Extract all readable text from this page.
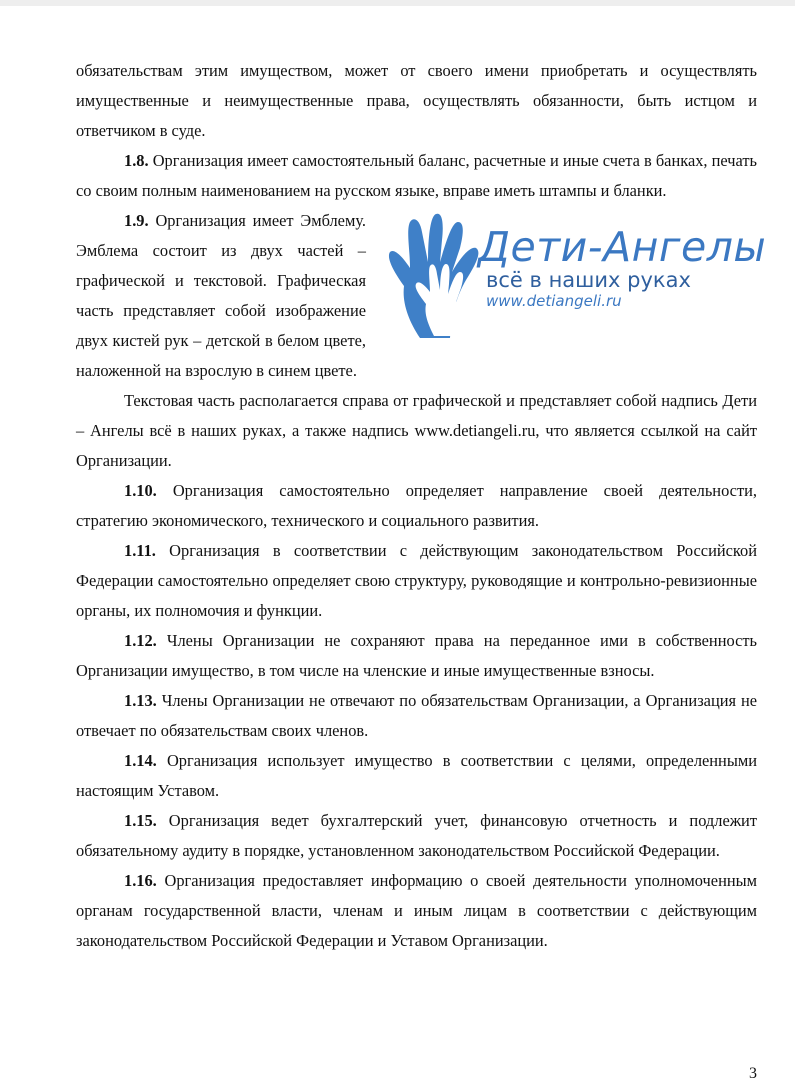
обязательствам этим имуществом, может от своего имени приобретать и осуществлять имущественные и неимущественные права, осуществлять обязанности, быть истцом и ответчиком в суде.

1.8. Организация имеет самостоятельный баланс, расчетные и иные счета в банках, печать со своим полным наименованием на русском языке, вправе иметь штампы и бланки.

Дети-Ангелы
всё в наших руках
www.detiangeli.ru

1.9. Организация имеет Эмблему. Эмблема состоит из двух частей – графической и текстовой. Графическая часть представляет собой изображение двух кистей рук – детской в белом цвете, наложенной на взрослую в синем цвете.

Текстовая часть располагается справа от графической и представляет собой надпись Дети – Ангелы всё в наших руках, а также надпись www.detiangeli.ru, что является ссылкой на сайт Организации.

1.10. Организация самостоятельно определяет направление своей деятельности, стратегию экономического, технического и социального развития.

1.11. Организация в соответствии с действующим законодательством Российской Федерации самостоятельно определяет свою структуру, руководящие и контрольно-ревизионные органы, их полномочия и функции.

1.12. Члены Организации не сохраняют права на переданное ими в собственность Организации имущество, в том числе на членские и иные имущественные взносы.

1.13. Члены Организации не отвечают по обязательствам Организации, а Организация не отвечает по обязательствам своих членов.

1.14. Организация использует имущество в соответствии с целями, определенными настоящим Уставом.

1.15. Организация ведет бухгалтерский учет, финансовую отчетность и подлежит обязательному аудиту в порядке, установленном законодательством Российской Федерации.

1.16. Организация предоставляет информацию о своей деятельности уполномоченным органам государственной власти, членам и иным лицам в соответствии с действующим законодательством Российской Федерации и Уставом Организации.

3
